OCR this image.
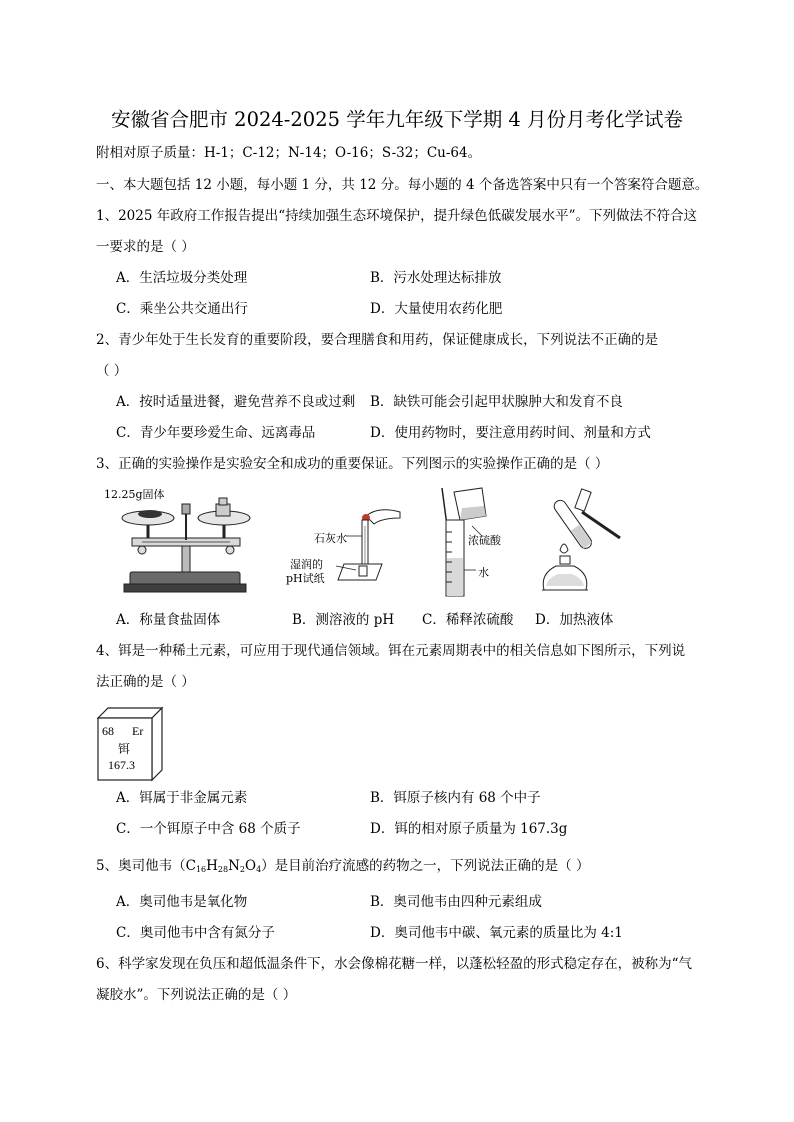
安徽省合肥市 2024-2025 学年九年级下学期 4 月份月考化学试卷
附相对原子质量：H-1；C-12；N-14；O-16；S-32；Cu-64。
一、本大题包括 12 小题，每小题 1 分，共 12 分。每小题的 4 个备选答案中只有一个答案符合题意。
1、2025 年政府工作报告提出“持续加强生态环境保护，提升绿色低碳发展水平”。下列做法不符合这
一要求的是（ ）
A．生活垃圾分类处理	B．污水处理达标排放
C．乘坐公共交通出行	D．大量使用农药化肥
2、青少年处于生长发育的重要阶段，要合理膳食和用药，保证健康成长，下列说法不正确的是
（ ）
A．按时适量进餐，避免营养不良或过剩 B．缺铁可能会引起甲状腺肿大和发育不良
C．青少年要珍爱生命、远离毒品	D．使用药物时，要注意用药时间、剂量和方式
3、正确的实验操作是实验安全和成功的重要保证。下列图示的实验操作正确的是（ ）
12.25g固体
石灰水
湿润的
pH试纸
浓硫酸
水
A．称量食盐固体	B．测溶液的 pH C．稀释浓硫酸 D．加热液体
4、铒是一种稀土元素，可应用于现代通信领域。铒在元素周期表中的相关信息如下图所示，下列说
法正确的是（ ）
68 Er
铒
167.3
A．铒属于非金属元素	B．铒原子核内有 68 个中子
C．一个铒原子中含 68 个质子	D．铒的相对原子质量为 167.3g
5、奥司他韦$(C_{16}H_{28}N_2O_4)$是目前治疗流感的药物之一，下列说法正确的是（ ）
A．奥司他韦是氧化物	B．奥司他韦由四种元素组成
C．奥司他韦中含有氮分子	D．奥司他韦中碳、氧元素的质量比为 4:1
6、科学家发现在负压和超低温条件下，水会像棉花糖一样，以蓬松轻盈的形式稳定存在，被称为“气
凝胶水”。下列说法正确的是（ ）
